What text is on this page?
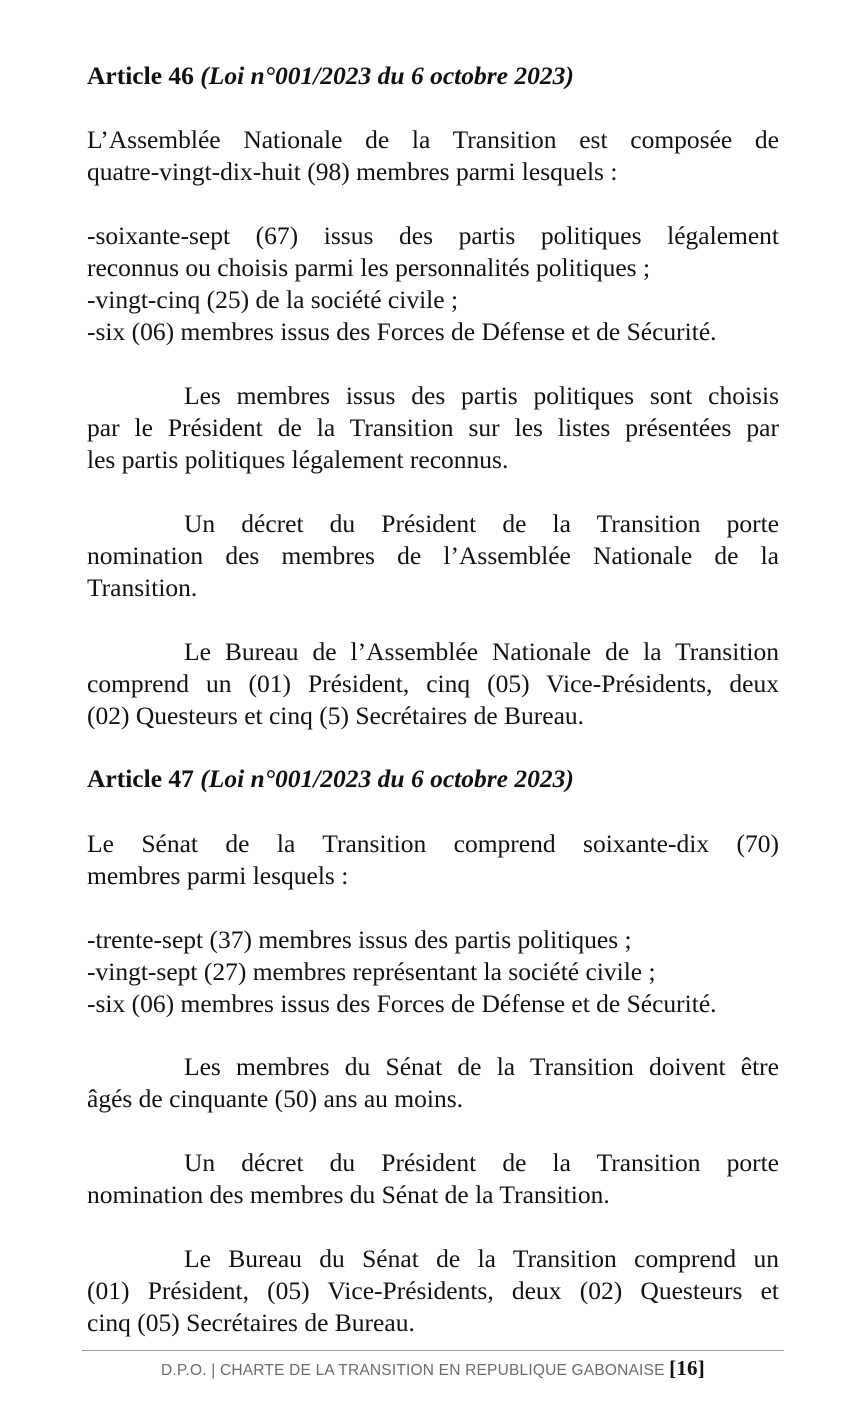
Article 46 (Loi n°001/2023 du 6 octobre 2023)

L’Assemblée Nationale de la Transition est composée de
quatre-vingt-dix-huit (98) membres parmi lesquels :
-soixante-sept (67) issus des partis politiques légalement
reconnus ou choisis parmi les personnalités politiques ;
-vingt-cinq (25) de la société civile ;
-six (06) membres issus des Forces de Défense et de Sécurité.
Les membres issus des partis politiques sont choisis
par le Président de la Transition sur les listes présentées par
les partis politiques légalement reconnus.
Un décret du Président de la Transition porte
nomination des membres de l’Assemblée Nationale de la
Transition.
Le Bureau de l’Assemblée Nationale de la Transition
comprend un (01) Président, cinq (05) Vice-Présidents, deux
(02) Questeurs et cinq (5) Secrétaires de Bureau.

Article 47 (Loi n°001/2023 du 6 octobre 2023)

Le Sénat de la Transition comprend soixante-dix (70)
membres parmi lesquels :
-trente-sept (37) membres issus des partis politiques ;
-vingt-sept (27) membres représentant la société civile ;
-six (06) membres issus des Forces de Défense et de Sécurité.
Les membres du Sénat de la Transition doivent être
âgés de cinquante (50) ans au moins.
Un décret du Président de la Transition porte
nomination des membres du Sénat de la Transition.
Le Bureau du Sénat de la Transition comprend un
(01) Président, (05) Vice-Présidents, deux (02) Questeurs et
cinq (05) Secrétaires de Bureau.
D.P.O. | CHARTE DE LA TRANSITION EN REPUBLIQUE GABONAISE [16]
